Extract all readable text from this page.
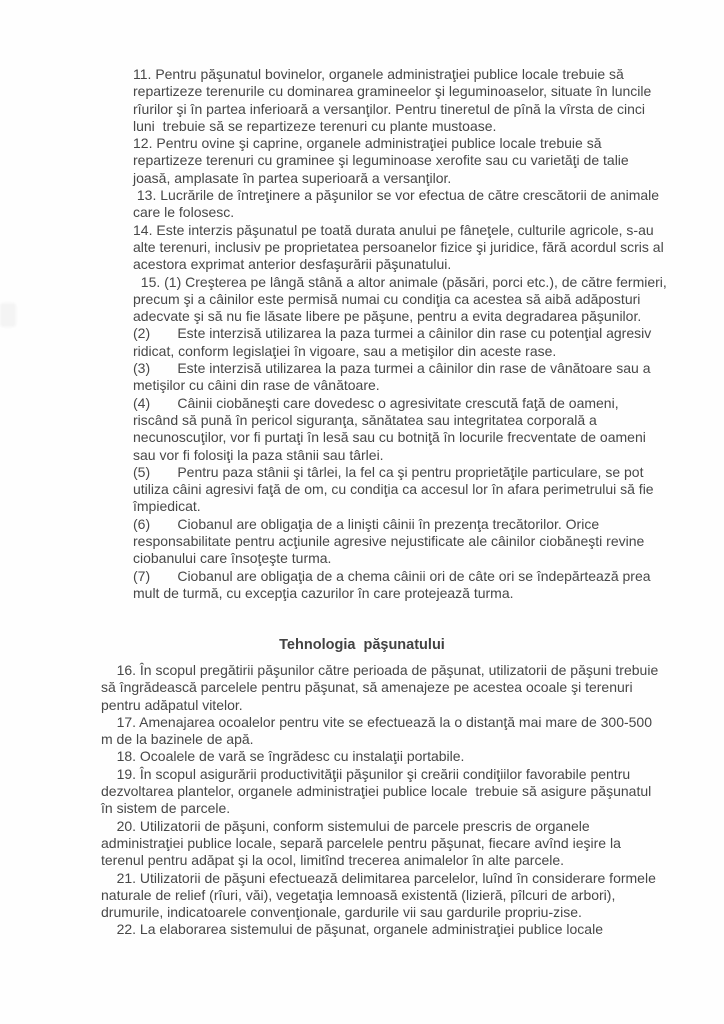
11. Pentru păşunatul bovinelor, organele administraţiei publice locale trebuie să repartizeze terenurile cu dominarea gramineelor şi leguminoaselor, situate în luncile rîurilor şi în partea inferioară a versanţilor. Pentru tineretul de pînă la vîrsta de cinci luni  trebuie să se repartizeze terenuri cu plante mustoase.

12. Pentru ovine şi caprine, organele administraţiei publice locale trebuie să repartizeze terenuri cu graminee şi leguminoase xerofite sau cu varietăţi de talie joasă, amplasate în partea superioară a versanţilor.

13. Lucrările de întreţinere a păşunilor se vor efectua de către crescătorii de animale care le folosesc.

14. Este interzis păşunatul pe toată durata anului pe fâneţele, culturile agricole, s-au alte terenuri, inclusiv pe proprietatea persoanelor fizice şi juridice, fără acordul scris al acestora exprimat anterior desfaşurării păşunatului.

15. (1) Creşterea pe lângă stână a altor animale (păsări, porci etc.), de către fermieri, precum şi a câinilor este permisă numai cu condiţia ca acestea să aibă adăposturi adecvate şi să nu fie lăsate libere pe păşune, pentru a evita degradarea păşunilor.

(2)       Este interzisă utilizarea la paza turmei a câinilor din rase cu potenţial agresiv ridicat, conform legislaţiei în vigoare, sau a metişilor din aceste rase.

(3)       Este interzisă utilizarea la paza turmei a câinilor din rase de vânătoare sau a metişilor cu câini din rase de vânătoare.

(4)       Câinii ciobăneşti care dovedesc o agresivitate crescută faţă de oameni, riscând să pună în pericol siguranţa, sănătatea sau integritatea corporală a necunoscuţilor, vor fi purtaţi în lesă sau cu botniţă în locurile frecventate de oameni sau vor fi folosiţi la paza stânii sau târlei.

(5)       Pentru paza stânii şi târlei, la fel ca şi pentru proprietăţile particulare, se pot utiliza câini agresivi faţă de om, cu condiţia ca accesul lor în afara perimetrului să fie împiedicat.

(6)       Ciobanul are obligaţia de a linişti câinii în prezenţa trecătorilor. Orice responsabilitate pentru acţiunile agresive nejustificate ale câinilor ciobăneşti revine ciobanului care însoţeşte turma.

(7)       Ciobanul are obligaţia de a chema câinii ori de câte ori se îndepărtează prea mult de turmă, cu excepţia cazurilor în care protejează turma.

Tehnologia  păşunatului

16. În scopul pregătirii păşunilor către perioada de păşunat, utilizatorii de păşuni trebuie să îngrădească parcelele pentru păşunat, să amenajeze pe acestea ocoale şi terenuri pentru adăpatul vitelor.

17. Amenajarea ocoalelor pentru vite se efectuează la o distanţă mai mare de 300-500 m de la bazinele de apă.

18. Ocoalele de vară se îngrădesc cu instalaţii portabile.

19. În scopul asigurării productivităţii păşunilor şi creării condiţiilor favorabile pentru dezvoltarea plantelor, organele administraţiei publice locale  trebuie să asigure păşunatul în sistem de parcele.

20. Utilizatorii de păşuni, conform sistemului de parcele prescris de organele administraţiei publice locale, separă parcelele pentru păşunat, fiecare avînd ieşire la terenul pentru adăpat şi la ocol, limitînd trecerea animalelor în alte parcele.

21. Utilizatorii de păşuni efectuează delimitarea parcelelor, luînd în considerare formele naturale de relief (rîuri, văi), vegetaţia lemnoasă existentă (lizieră, pîlcuri de arbori), drumurile, indicatoarele convenţionale, gardurile vii sau gardurile propriu-zise.

22. La elaborarea sistemului de păşunat, organele administraţiei publice locale
